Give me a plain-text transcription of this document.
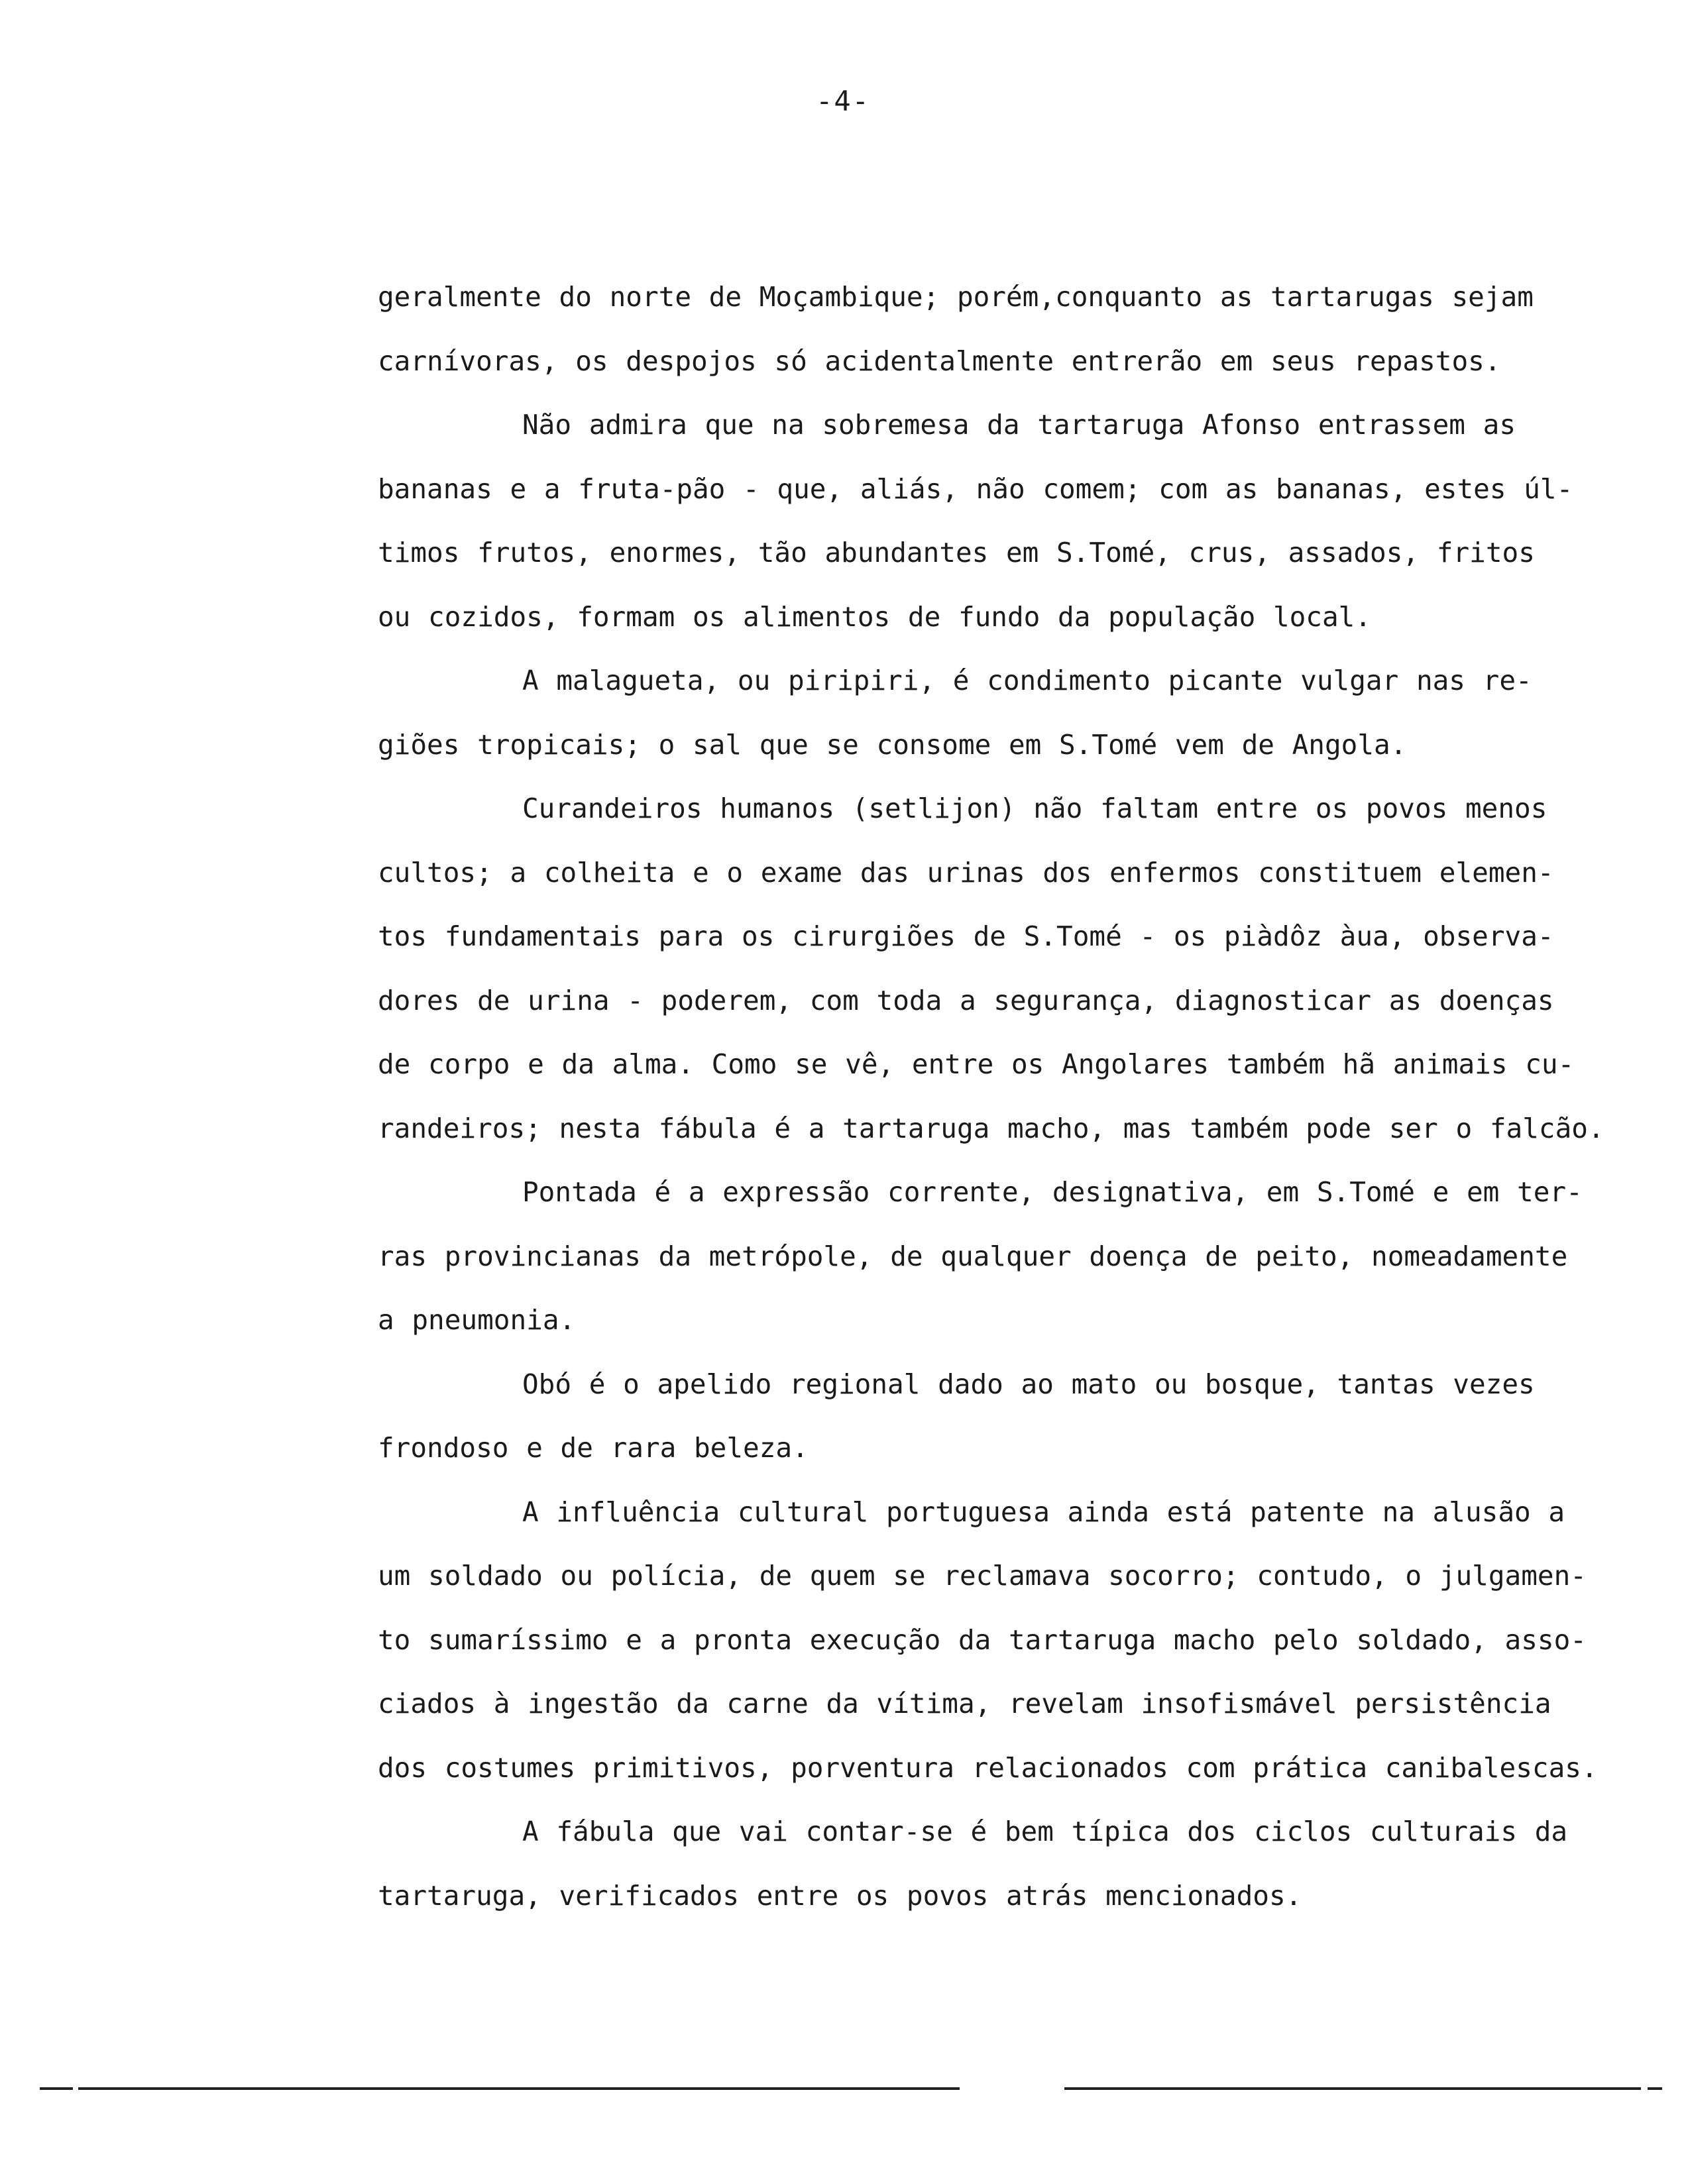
-4-
geralmente do norte de Moçambique; porém,conquanto as tartarugas sejam
carnívoras, os despojos só acidentalmente entrerão em seus repastos.
Não admira que na sobremesa da tartaruga Afonso entrassem as
bananas e a fruta-pão - que, aliás, não comem; com as bananas, estes úl-
timos frutos, enormes, tão abundantes em S.Tomé, crus, assados, fritos
ou cozidos, formam os alimentos de fundo da população local.
A malagueta, ou piripiri, é condimento picante vulgar nas re-
giões tropicais; o sal que se consome em S.Tomé vem de Angola.
Curandeiros humanos (setlijon) não faltam entre os povos menos
cultos; a colheita e o exame das urinas dos enfermos constituem elemen-
tos fundamentais para os cirurgiões de S.Tomé - os piàdôz àua, observa-
dores de urina - poderem, com toda a segurança, diagnosticar as doenças
de corpo e da alma. Como se vê, entre os Angolares também hã animais cu-
randeiros; nesta fábula é a tartaruga macho, mas também pode ser o falcão.
Pontada é a expressão corrente, designativa, em S.Tomé e em ter-
ras provincianas da metrópole, de qualquer doença de peito, nomeadamente
a pneumonia.
Obó é o apelido regional dado ao mato ou bosque, tantas vezes
frondoso e de rara beleza.
A influência cultural portuguesa ainda está patente na alusão a
um soldado ou polícia, de quem se reclamava socorro; contudo, o julgamen-
to sumaríssimo e a pronta execução da tartaruga macho pelo soldado, asso-
ciados à ingestão da carne da vítima, revelam insofismável persistência
dos costumes primitivos, porventura relacionados com prática canibalescas.
A fábula que vai contar-se é bem típica dos ciclos culturais da
tartaruga, verificados entre os povos atrás mencionados.
